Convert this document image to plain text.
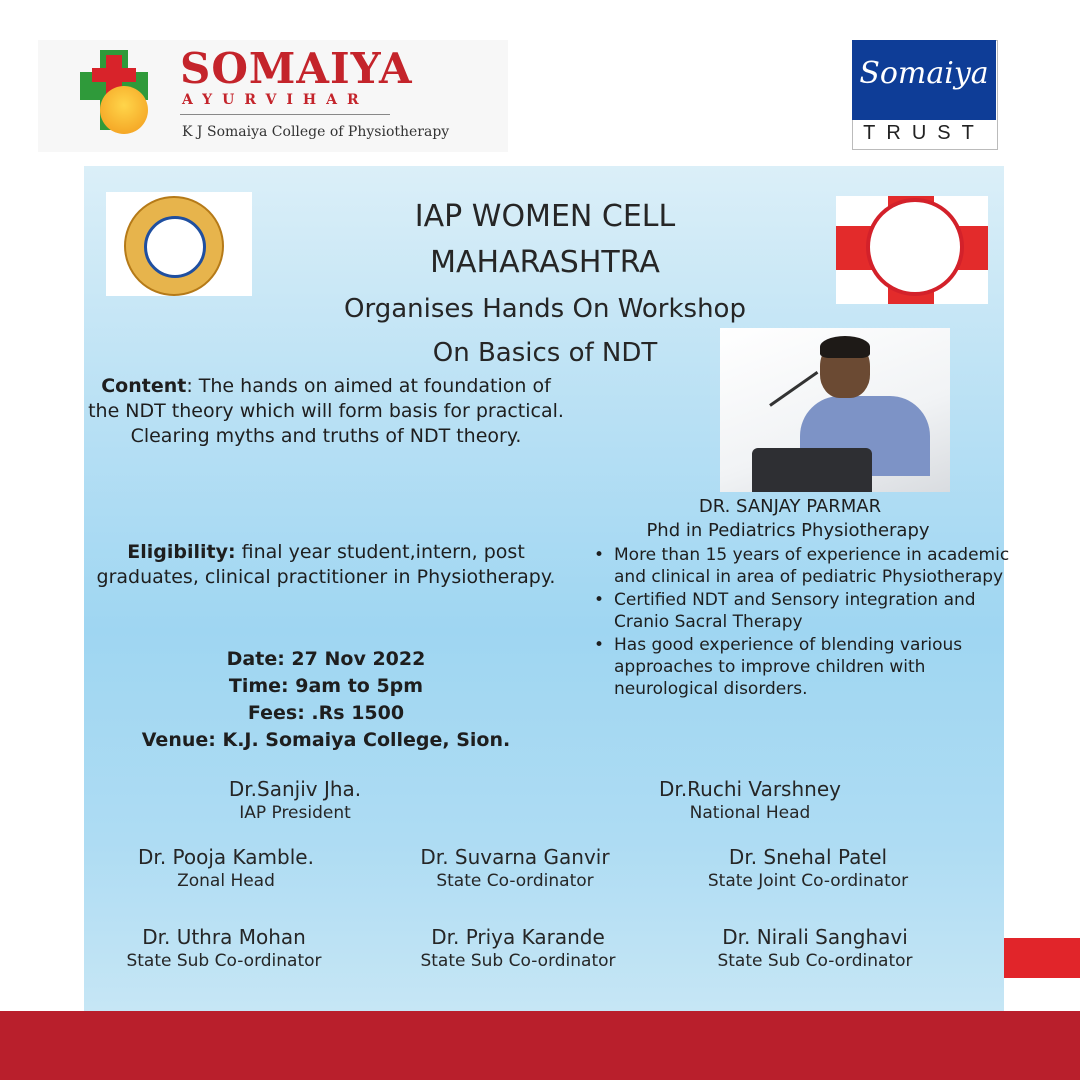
SOMAIYA
AYURVIHAR
K J Somaiya College of Physiotherapy
Somaiya
TRUST
IAP WOMEN CELL
MAHARASHTRA
Organises Hands On Workshop
On Basics of NDT
Content: The hands on aimed at foundation of the NDT theory which will form basis for practical. Clearing myths and truths of NDT theory.
Eligibility: final year student,intern, post graduates, clinical practitioner in Physiotherapy.
Date: 27 Nov 2022
Time: 9am to 5pm
Fees: .Rs 1500
Venue: K.J. Somaiya College, Sion.
DR. SANJAY PARMAR
Phd in Pediatrics Physiotherapy
• More than 15 years of experience in academic and clinical in area of pediatric Physiotherapy
• Certified NDT and Sensory integration and Cranio Sacral Therapy
• Has good experience of blending various approaches to improve children with neurological disorders.
Dr.Sanjiv Jha.
IAP President
Dr.Ruchi Varshney
National Head
Dr. Pooja Kamble.
Zonal Head
Dr. Suvarna Ganvir
State Co-ordinator
Dr. Snehal Patel
State Joint Co-ordinator
Dr. Uthra Mohan
State Sub Co-ordinator
Dr. Priya Karande
State Sub Co-ordinator
Dr. Nirali Sanghavi
State Sub Co-ordinator
